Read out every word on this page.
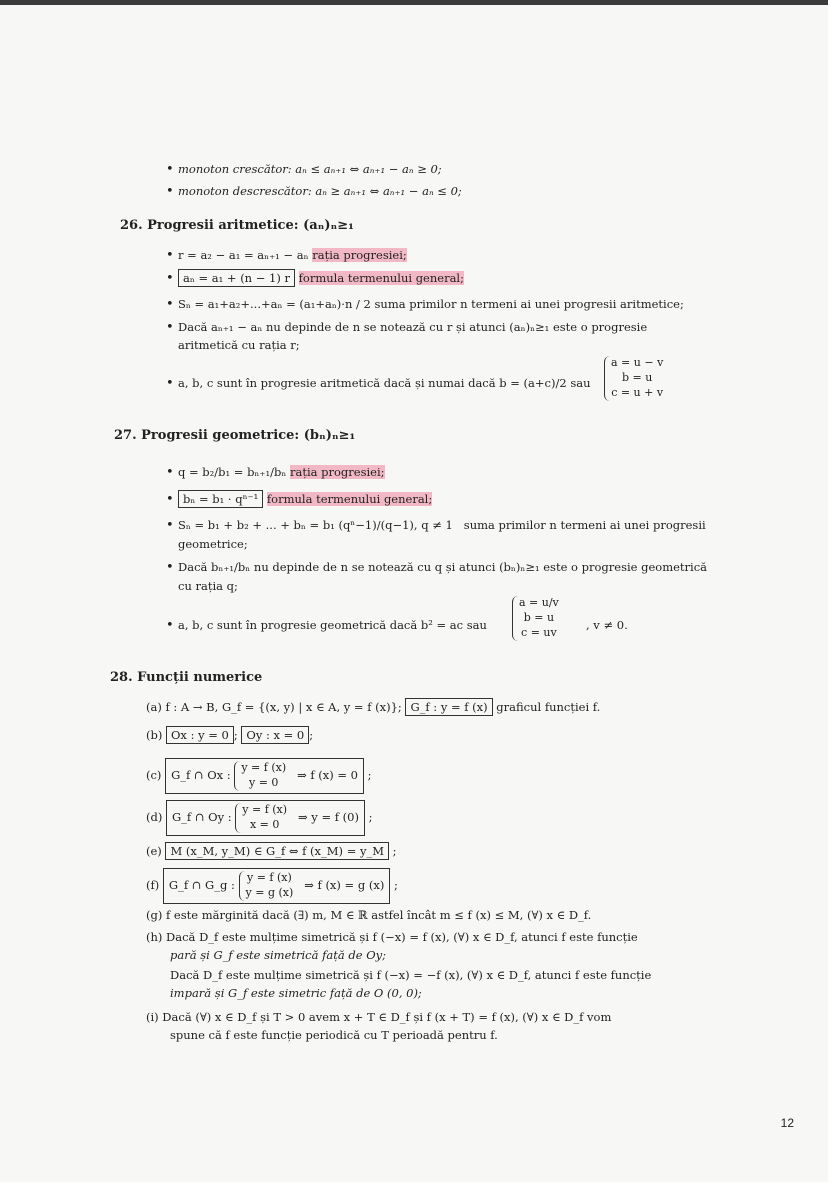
• monoton crescător: aₙ ≤ aₙ₊₁ ⇔ aₙ₊₁ − aₙ ≥ 0;
• monoton descrescător: aₙ ≥ aₙ₊₁ ⇔ aₙ₊₁ − aₙ ≤ 0;
26. Progresii aritmetice: (aₙ)ₙ≥₁
• r = a₂ − a₁ = aₙ₊₁ − aₙ rația progresiei;
• aₙ = a₁ + (n − 1) r formula termenului general;
• Sₙ = a₁+a₂+...+aₙ = (a₁+aₙ)·n / 2 suma primilor n termeni ai unei progresii aritmetice;
• Dacă aₙ₊₁ − aₙ nu depinde de n se notează cu r și atunci (aₙ)ₙ≥₁ este o progresie
aritmetică cu rația r;
• a, b, c sunt în progresie aritmetică dacă și numai dacă b = (a+c)/2 sau
a = u − v
b = u
c = u + v
27. Progresii geometrice: (bₙ)ₙ≥₁
• q = b₂/b₁ = bₙ₊₁/bₙ rația progresiei;
• bₙ = b₁ · qⁿ⁻¹ formula termenului general;
• Sₙ = b₁ + b₂ + ... + bₙ = b₁ (qⁿ−1)/(q−1), q ≠ 1 suma primilor n termeni ai unei progresii
geometrice;
• Dacă bₙ₊₁/bₙ nu depinde de n se notează cu q și atunci (bₙ)ₙ≥₁ este o progresie geometrică
cu rația q;
• a, b, c sunt în progresie geometrică dacă b² = ac sau
a = u/v
b = u
c = uv
, v ≠ 0.
28. Funcții numerice
(a) f : A → B, G_f = {(x, y) | x ∈ A, y = f (x)}; G_f : y = f (x) graficul funcției f.
(b) Ox : y = 0 ; Oy : x = 0 ;
(c) G_f ∩ Ox :
y = f (x)
y = 0
⇒ f (x) = 0 ;
(d) G_f ∩ Oy :
y = f (x)
x = 0
⇒ y = f (0) ;
(e) M (x_M, y_M) ∈ G_f ⇔ f (x_M) = y_M ;
(f) G_f ∩ G_g :
y = f (x)
y = g (x)
⇒ f (x) = g (x) ;
(g) f este mărginită dacă (∃) m, M ∈ ℝ astfel încât m ≤ f (x) ≤ M, (∀) x ∈ D_f.
(h) Dacă D_f este mulțime simetrică și f (−x) = f (x), (∀) x ∈ D_f, atunci f este funcție
pară și G_f este simetrică față de Oy;
Dacă D_f este mulțime simetrică și f (−x) = −f (x), (∀) x ∈ D_f, atunci f este funcție
impară și G_f este simetric față de O (0, 0);
(i) Dacă (∀) x ∈ D_f și T > 0 avem x + T ∈ D_f și f (x + T) = f (x), (∀) x ∈ D_f vom
spune că f este funcție periodică cu T perioadă pentru f.
12
